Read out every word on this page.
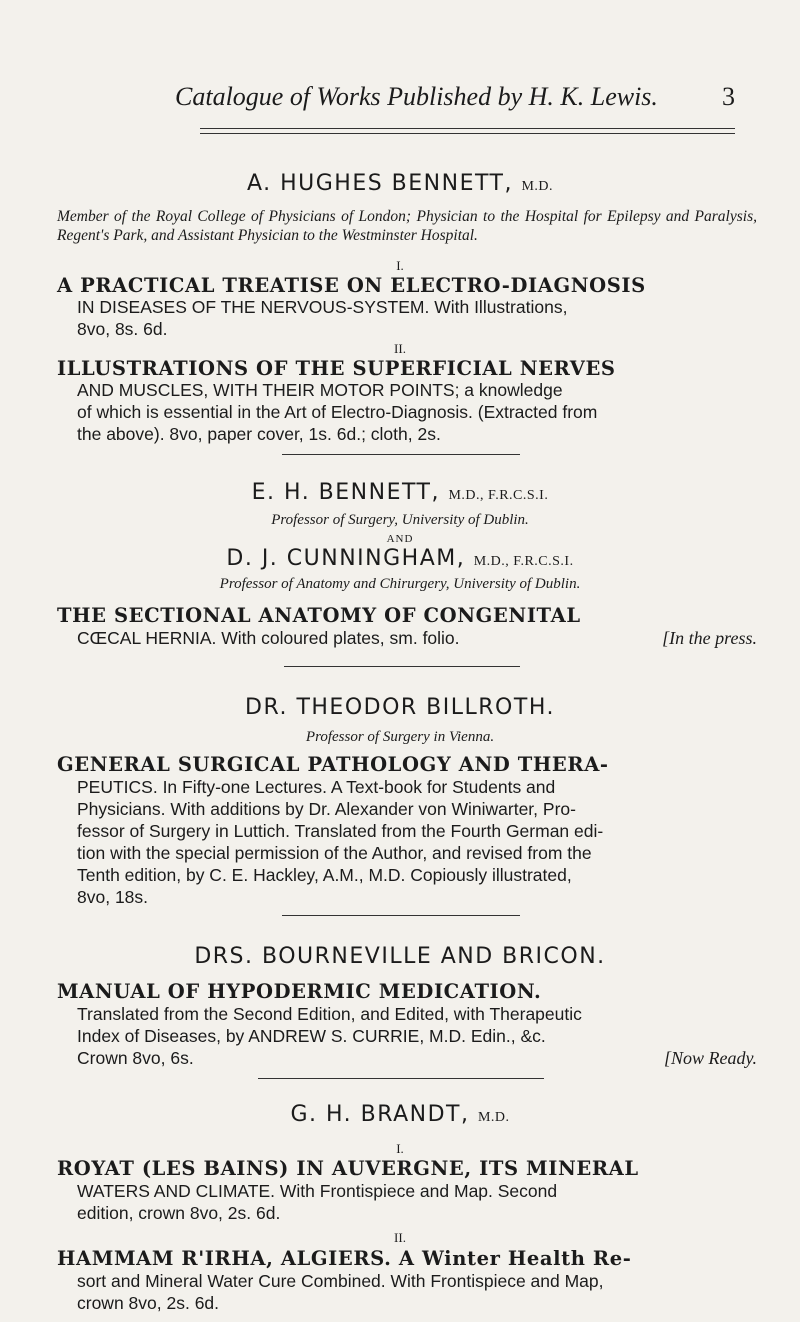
Catalogue of Works Published by H. K. Lewis. 3
A. HUGHES BENNETT, M.D.
Member of the Royal College of Physicians of London; Physician to the Hospital for Epilepsy and Paralysis, Regent's Park, and Assistant Physician to the Westminster Hospital.
I.
A PRACTICAL TREATISE ON ELECTRO-DIAGNOSIS

IN DISEASES OF THE NERVOUS-SYSTEM. With Illustrations,

8vo, 8s. 6d.

II.
ILLUSTRATIONS OF THE SUPERFICIAL NERVES

AND MUSCLES, WITH THEIR MOTOR POINTS; a knowledge

of which is essential in the Art of Electro-Diagnosis. (Extracted from

the above). 8vo, paper cover, 1s. 6d.; cloth, 2s.

E. H. BENNETT, M.D., F.R.C.S.I.
Professor of Surgery, University of Dublin.
AND
D. J. CUNNINGHAM, M.D., F.R.C.S.I.
Professor of Anatomy and Chirurgery, University of Dublin.
THE SECTIONAL ANATOMY OF CONGENITAL

CŒCAL HERNIA. With coloured plates, sm. folio.	[In the press.

DR. THEODOR BILLROTH.
Professor of Surgery in Vienna.
GENERAL SURGICAL PATHOLOGY AND THERA-

PEUTICS. In Fifty-one Lectures. A Text-book for Students and

Physicians. With additions by Dr. Alexander von Winiwarter, Pro-

fessor of Surgery in Luttich. Translated from the Fourth German edi-

tion with the special permission of the Author, and revised from the

Tenth edition, by C. E. Hackley, A.M., M.D. Copiously illustrated,

8vo, 18s.

DRS. BOURNEVILLE AND BRICON.
MANUAL OF HYPODERMIC MEDICATION.

Translated from the Second Edition, and Edited, with Therapeutic

Index of Diseases, by ANDREW S. CURRIE, M.D. Edin., &c.

Crown 8vo, 6s.	[Now Ready.

G. H. BRANDT, M.D.
I.
ROYAT (LES BAINS) IN AUVERGNE, ITS MINERAL

WATERS AND CLIMATE. With Frontispiece and Map. Second

edition, crown 8vo, 2s. 6d.

II.
HAMMAM R'IRHA, ALGIERS. A Winter Health Re-

sort and Mineral Water Cure Combined. With Frontispiece and Map,

crown 8vo, 2s. 6d.
